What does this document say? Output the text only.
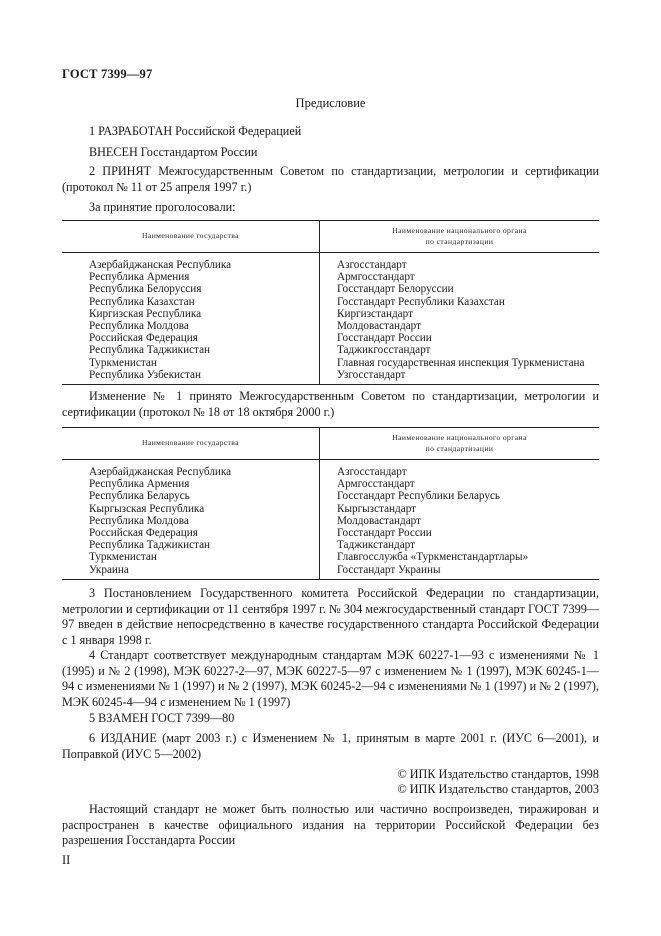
ГОСТ 7399—97
Предисловие
1 РАЗРАБОТАН Российской Федерацией
ВНЕСЕН Госстандартом России
2 ПРИНЯТ Межгосударственным Советом по стандартизации, метрологии и сертификации (протокол № 11 от 25 апреля 1997 г.)
За принятие проголосовали:
Наименование государства	Наименование национального органа
по стандартизации

Азербайджанская Республика	Азгосстандарт
Республика Армения	Армгосстандарт
Республика Белоруссия	Госстандарт Белоруссии
Республика Казахстан	Госстандарт Республики Казахстан
Киргизская Республика	Киргизстандарт
Республика Молдова	Молдовастандарт
Российская Федерация	Госстандарт России
Республика Таджикистан	Таджикгосстандарт
Туркменистан	Главная государственная инспекция Туркменистана
Республика Узбекистан	Узгосстандарт
Изменение № 1 принято Межгосударственным Советом по стандартизации, метрологии и сертификации (протокол № 18 от 18 октября 2000 г.)
Наименование государства	Наименование национального органа
по стандартизации

Азербайджанская Республика	Азгосстандарт
Республика Армения	Армгосстандарт
Республика Беларусь	Госстандарт Республики Беларусь
Кыргызская Республика	Кыргызстандарт
Республика Молдова	Молдовастандарт
Российская Федерация	Госстандарт России
Республика Таджикистан	Таджикстандарт
Туркменистан	Главгосслужба «Туркменстандартлары»
Украина	Госстандарт Украины
3 Постановлением Государственного комитета Российской Федерации по стандартизации, метрологии и сертификации от 11 сентября 1997 г. № 304 межгосударственный стандарт ГОСТ 7399—97 введен в действие непосредственно в качестве государственного стандарта Российской Федерации с 1 января 1998 г.
4 Стандарт соответствует международным стандартам МЭК 60227-1—93 с изменениями № 1 (1995) и № 2 (1998), МЭК 60227-2—97, МЭК 60227-5—97 с изменением № 1 (1997), МЭК 60245-1—94 с изменениями № 1 (1997) и № 2 (1997), МЭК 60245-2—94 с изменениями № 1 (1997) и № 2 (1997), МЭК 60245-4—94 с изменением № 1 (1997)
5 ВЗАМЕН ГОСТ 7399—80
6 ИЗДАНИЕ (март 2003 г.) с Изменением № 1, принятым в марте 2001 г. (ИУС 6—2001), и Поправкой (ИУС 5—2002)
© ИПК Издательство стандартов, 1998
© ИПК Издательство стандартов, 2003
Настоящий стандарт не может быть полностью или частично воспроизведен, тиражирован и распространен в качестве официального издания на территории Российской Федерации без разрешения Госстандарта России
II
